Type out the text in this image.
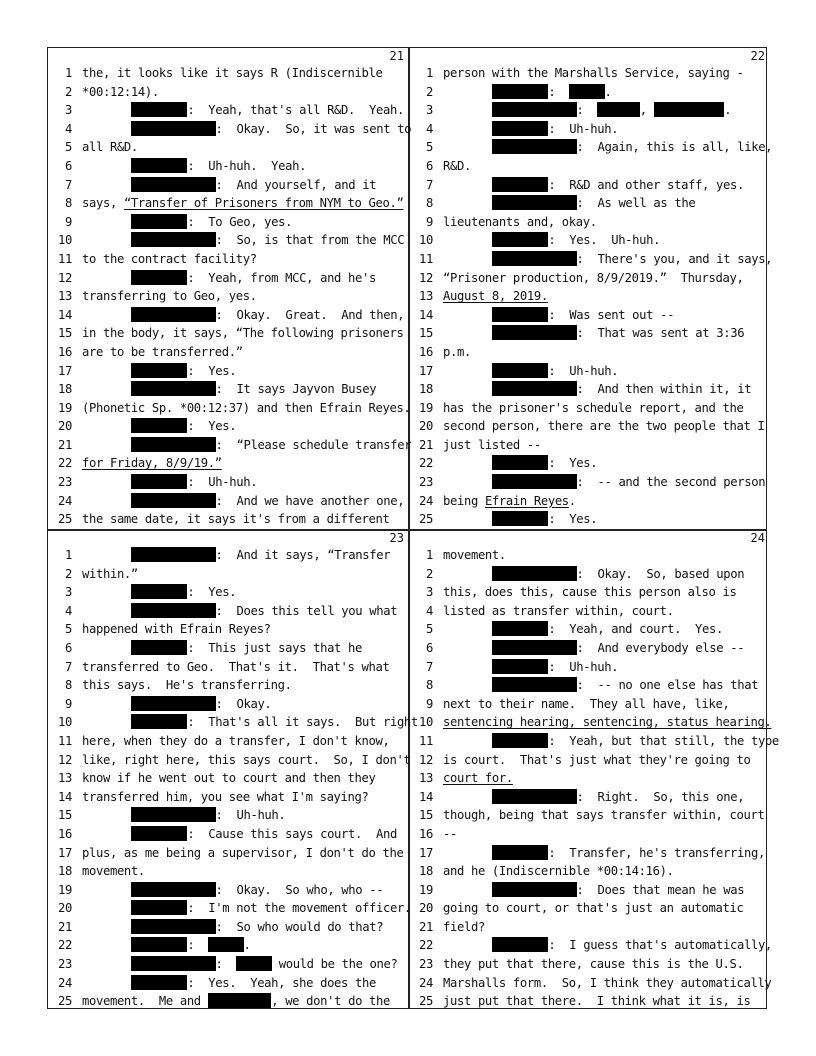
21
1 the, it looks like it says R (Indiscernible
2 *00:12:14).
3	:  Yeah, that's all R&D.  Yeah.
4	:  Okay.  So, it was sent to
5 all R&D.
6	:  Uh-huh.  Yeah.
7	:  And yourself, and it
8 says, “Transfer of Prisoners from NYM to Geo.”
9	:  To Geo, yes.
10	:  So, is that from the MCC
11 to the contract facility?
12	:  Yeah, from MCC, and he's
13 transferring to Geo, yes.
14	:  Okay.  Great.  And then,
15 in the body, it says, “The following prisoners
16 are to be transferred.”
17	:  Yes.
18	:  It says Jayvon Busey
19 (Phonetic Sp. *00:12:37) and then Efrain Reyes.
20	:  Yes.
21	:  “Please schedule transfer
22 for Friday, 8/9/19.”
23	:  Uh-huh.
24	:  And we have another one,
25 the same date, it says it's from a different
22
1 person with the Marshalls Service, saying -
2	:	.
3	:	,	.
4	:  Uh-huh.
5	:  Again, this is all, like,
6 R&D.
7	:  R&D and other staff, yes.
8	:  As well as the
9 lieutenants and, okay.
10	:  Yes.  Uh-huh.
11	:  There's you, and it says,
12 “Prisoner production, 8/9/2019.”  Thursday,
13 August 8, 2019.
14	:  Was sent out --
15	:  That was sent at 3:36
16 p.m.
17	:  Uh-huh.
18	:  And then within it, it
19 has the prisoner's schedule report, and the
20 second person, there are the two people that I
21 just listed --
22	:  Yes.
23	:  -- and the second person
24 being Efrain Reyes.
25	:  Yes.
23
1	:  And it says, “Transfer
2 within.”
3	:  Yes.
4	:  Does this tell you what
5 happened with Efrain Reyes?
6	:  This just says that he
7 transferred to Geo.  That's it.  That's what
8 this says.  He's transferring.
9	:  Okay.
10	:  That's all it says.  But right
11 here, when they do a transfer, I don't know,
12 like, right here, this says court.  So, I don't
13 know if he went out to court and then they
14 transferred him, you see what I'm saying?
15	:  Uh-huh.
16	:  Cause this says court.  And
17 plus, as me being a supervisor, I don't do the
18 movement.
19	:  Okay.  So who, who --
20	:  I'm not the movement officer.
21	:  So who would do that?
22	:	.
23	:	would be the one?
24	:  Yes.  Yeah, she does the
25 movement.  Me and	, we don't do the
24
1 movement.
2	:  Okay.  So, based upon
3 this, does this, cause this person also is
4 listed as transfer within, court.
5	:  Yeah, and court.  Yes.
6	:  And everybody else --
7	:  Uh-huh.
8	:  -- no one else has that
9 next to their name.  They all have, like,
10 sentencing hearing, sentencing, status hearing.
11	:  Yeah, but that still, the type
12 is court.  That's just what they're going to
13 court for.
14	:  Right.  So, this one,
15 though, being that says transfer within, court
16 --
17	:  Transfer, he's transferring,
18 and he (Indiscernible *00:14:16).
19	:  Does that mean he was
20 going to court, or that's just an automatic
21 field?
22	:  I guess that's automatically,
23 they put that there, cause this is the U.S.
24 Marshalls form.  So, I think they automatically
25 just put that there.  I think what it is, is
